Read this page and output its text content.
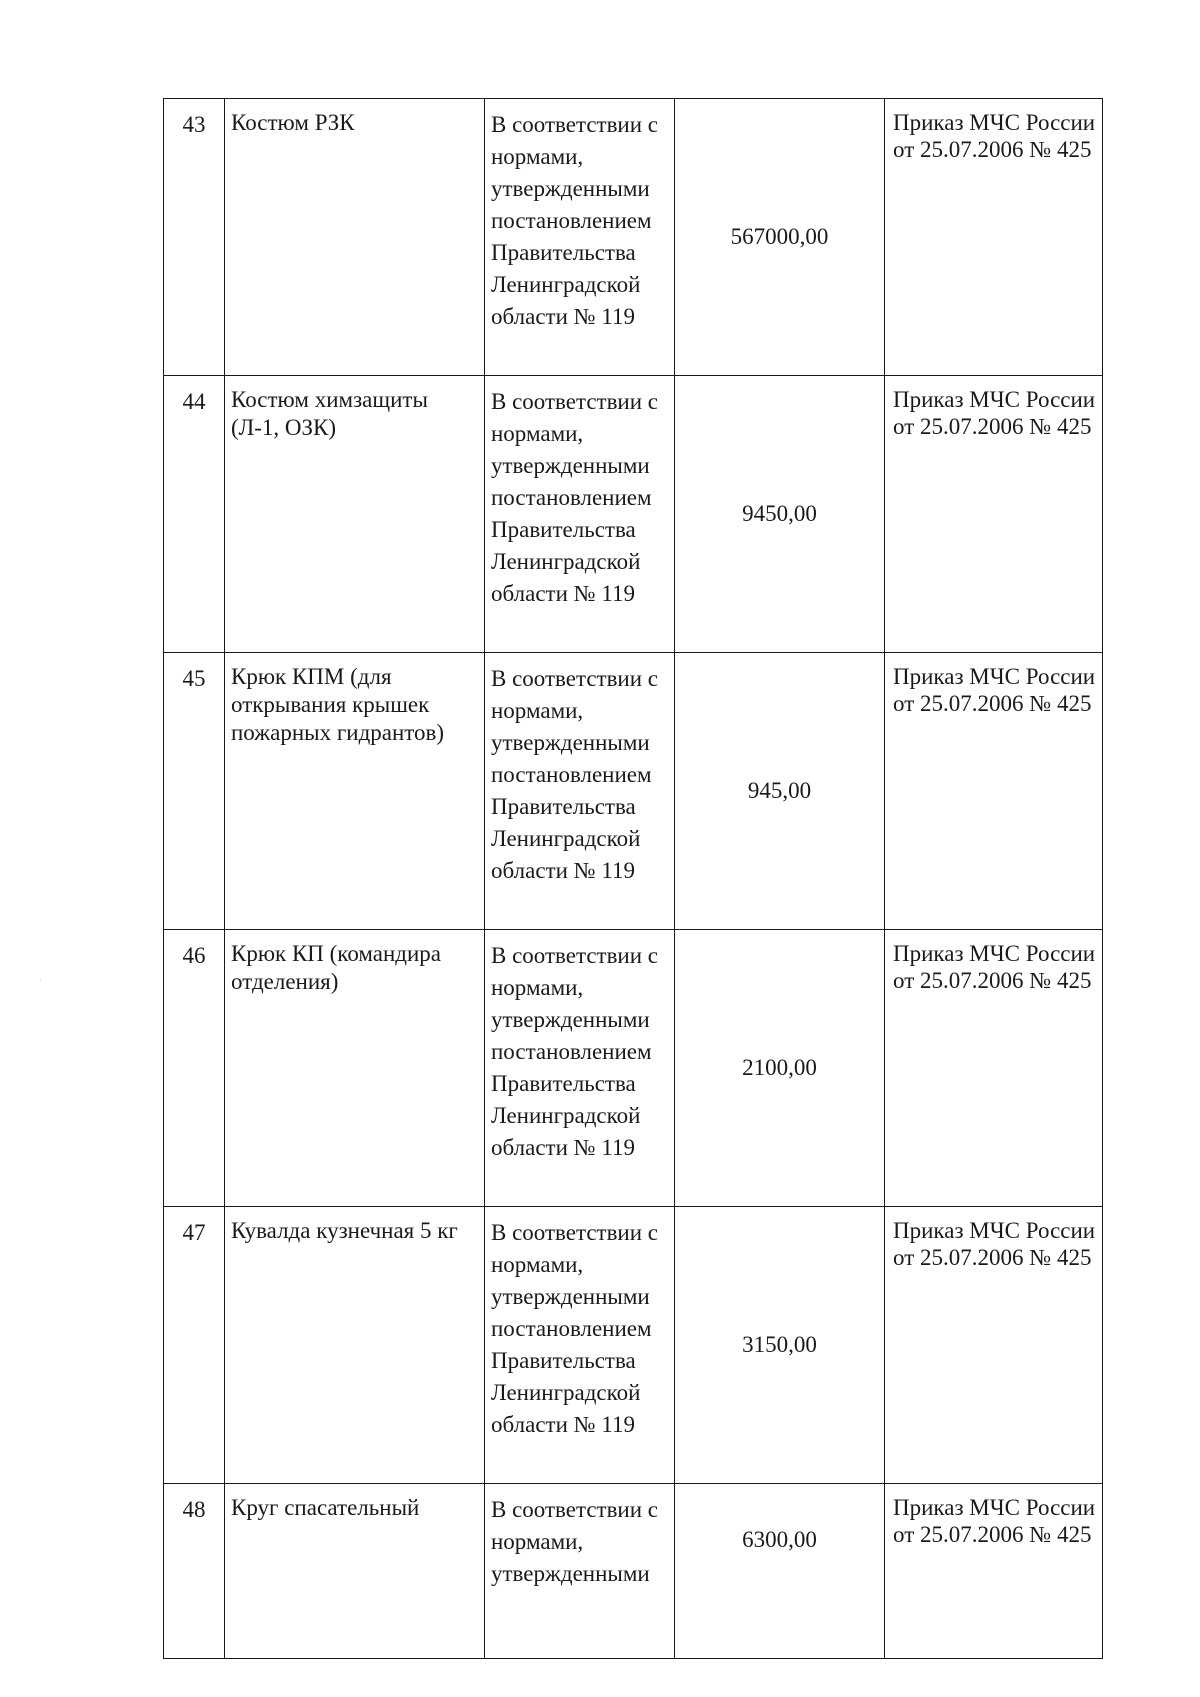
43	Костюм РЗК	В соответствии с нормами, утвержденными постановлением Правительства Ленинградской области № 119	567000,00	Приказ МЧС России от 25.07.2006 № 425
44	Костюм химзащиты (Л-1, ОЗК)	В соответствии с нормами, утвержденными постановлением Правительства Ленинградской области № 119	9450,00	Приказ МЧС России от 25.07.2006 № 425
45	Крюк КПМ (для открывания крышек пожарных гидрантов)	В соответствии с нормами, утвержденными постановлением Правительства Ленинградской области № 119	945,00	Приказ МЧС России от 25.07.2006 № 425
46	Крюк КП (командира отделения)	В соответствии с нормами, утвержденными постановлением Правительства Ленинградской области № 119	2100,00	Приказ МЧС России от 25.07.2006 № 425
47	Кувалда кузнечная 5 кг	В соответствии с нормами, утвержденными постановлением Правительства Ленинградской области № 119	3150,00	Приказ МЧС России от 25.07.2006 № 425
48	Круг спасательный	В соответствии с нормами, утвержденными	6300,00	Приказ МЧС России от 25.07.2006 № 425
